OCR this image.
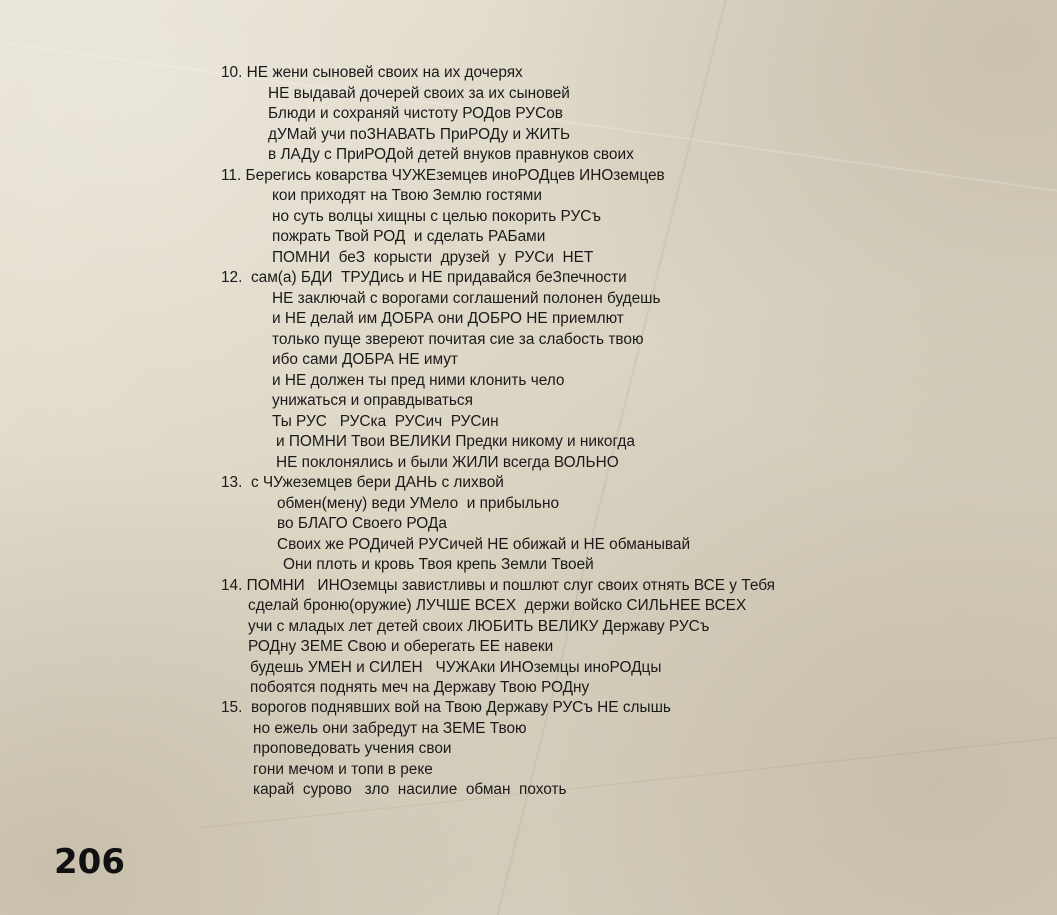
10. НЕ жени сыновей своих на их дочерях
НЕ выдавай дочерей своих за их сыновей
Блюди и сохраняй чистоту РОДов РУСов
дУМай учи поЗНАВАТЬ ПриРОДу и ЖИТЬ
в ЛАДу с ПриРОДой детей внуков правнуков своих
11. Берегись коварства ЧУЖЕземцев иноРОДцев ИНОземцев
кои приходят на Твою Землю гостями
но суть волцы хищны с целью покорить РУСъ
пожрать Твой РОД  и сделать РАБами
ПОМНИ  беЗ  корысти  друзей  у  РУСи  НЕТ
12.  сам(а) БДИ  ТРУДись и НЕ придавайся беЗпечности
НЕ заключай с ворогами соглашений полонен будешь
и НЕ делай им ДОБРА они ДОБРО НЕ приемлют
только пуще звереют почитая сие за слабость твою
ибо сами ДОБРА НЕ имут
и НЕ должен ты пред ними клонить чело
унижаться и оправдываться
Ты РУС   РУСка  РУСич  РУСин
и ПОМНИ Твои ВЕЛИКИ Предки никому и никогда
НЕ поклонялись и были ЖИЛИ всегда ВОЛЬНО
13.  с ЧУжеземцев бери ДАНЬ с лихвой
обмен(мену) веди УМело  и прибыльно
во БЛАГО Своего РОДа
Своих же РОДичей РУСичей НЕ обижай и НЕ обманывай
Они плоть и кровь Твоя крепь Земли Твоей
14. ПОМНИ   ИНОземцы завистливы и пошлют слуг своих отнять ВСЕ у Тебя
сделай броню(оружие) ЛУЧШЕ ВСЕХ  держи войско СИЛЬНЕЕ ВСЕХ
учи с младых лет детей своих ЛЮБИТЬ ВЕЛИКУ Державу РУСъ
РОДну ЗЕМЕ Свою и оберегать ЕЕ навеки
будешь УМЕН и СИЛЕН   ЧУЖАки ИНОземцы иноРОДцы
побоятся поднять меч на Державу Твою РОДну
15.  ворогов поднявших вой на Твою Державу РУСъ НЕ слышь
но ежель они забредут на ЗЕМЕ Твою
проповедовать учения свои
гони мечом и топи в реке
карай  сурово   зло  насилие  обман  похоть
206
